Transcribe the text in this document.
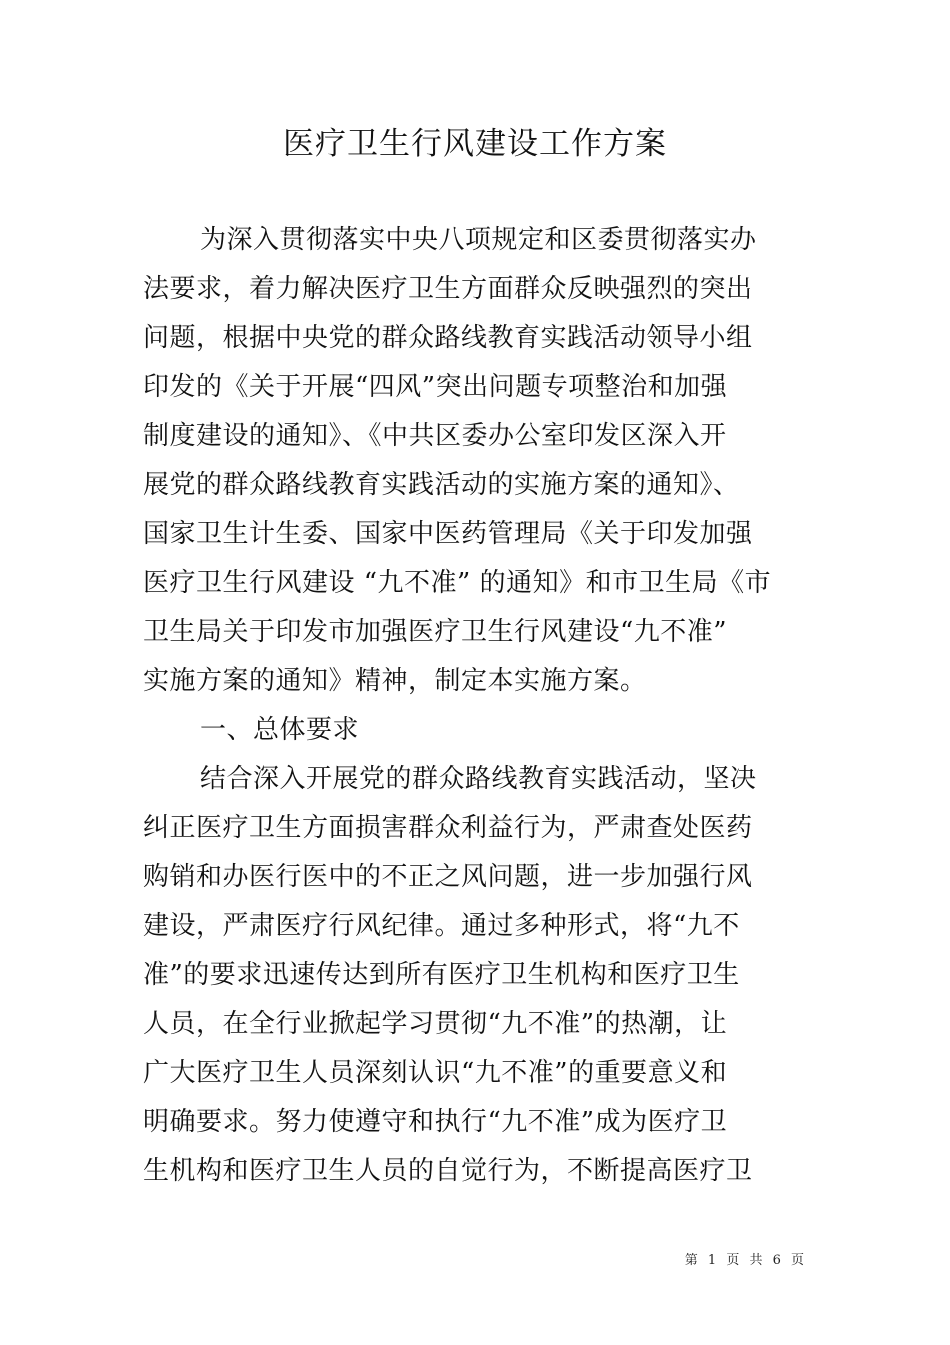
医疗卫生行风建设工作方案
为深入贯彻落实中央八项规定和区委贯彻落实办
法要求，着力解决医疗卫生方面群众反映强烈的突出
问题，根据中央党的群众路线教育实践活动领导小组
印发的《关于开展“四风”突出问题专项整治和加强
制度建设的通知》、《中共区委办公室印发区深入开
展党的群众路线教育实践活动的实施方案的通知》、
国家卫生计生委、国家中医药管理局《关于印发加强
医疗卫生行风建设 “九不准” 的通知》和市卫生局《市
卫生局关于印发市加强医疗卫生行风建设“九不准”
实施方案的通知》精神，制定本实施方案。
一、总体要求
结合深入开展党的群众路线教育实践活动，坚决
纠正医疗卫生方面损害群众利益行为，严肃查处医药
购销和办医行医中的不正之风问题，进一步加强行风
建设，严肃医疗行风纪律。通过多种形式，将“九不
准”的要求迅速传达到所有医疗卫生机构和医疗卫生
人员，在全行业掀起学习贯彻“九不准”的热潮，让
广大医疗卫生人员深刻认识“九不准”的重要意义和
明确要求。努力使遵守和执行“九不准”成为医疗卫
生机构和医疗卫生人员的自觉行为，不断提高医疗卫
第 1 页 共 6 页
